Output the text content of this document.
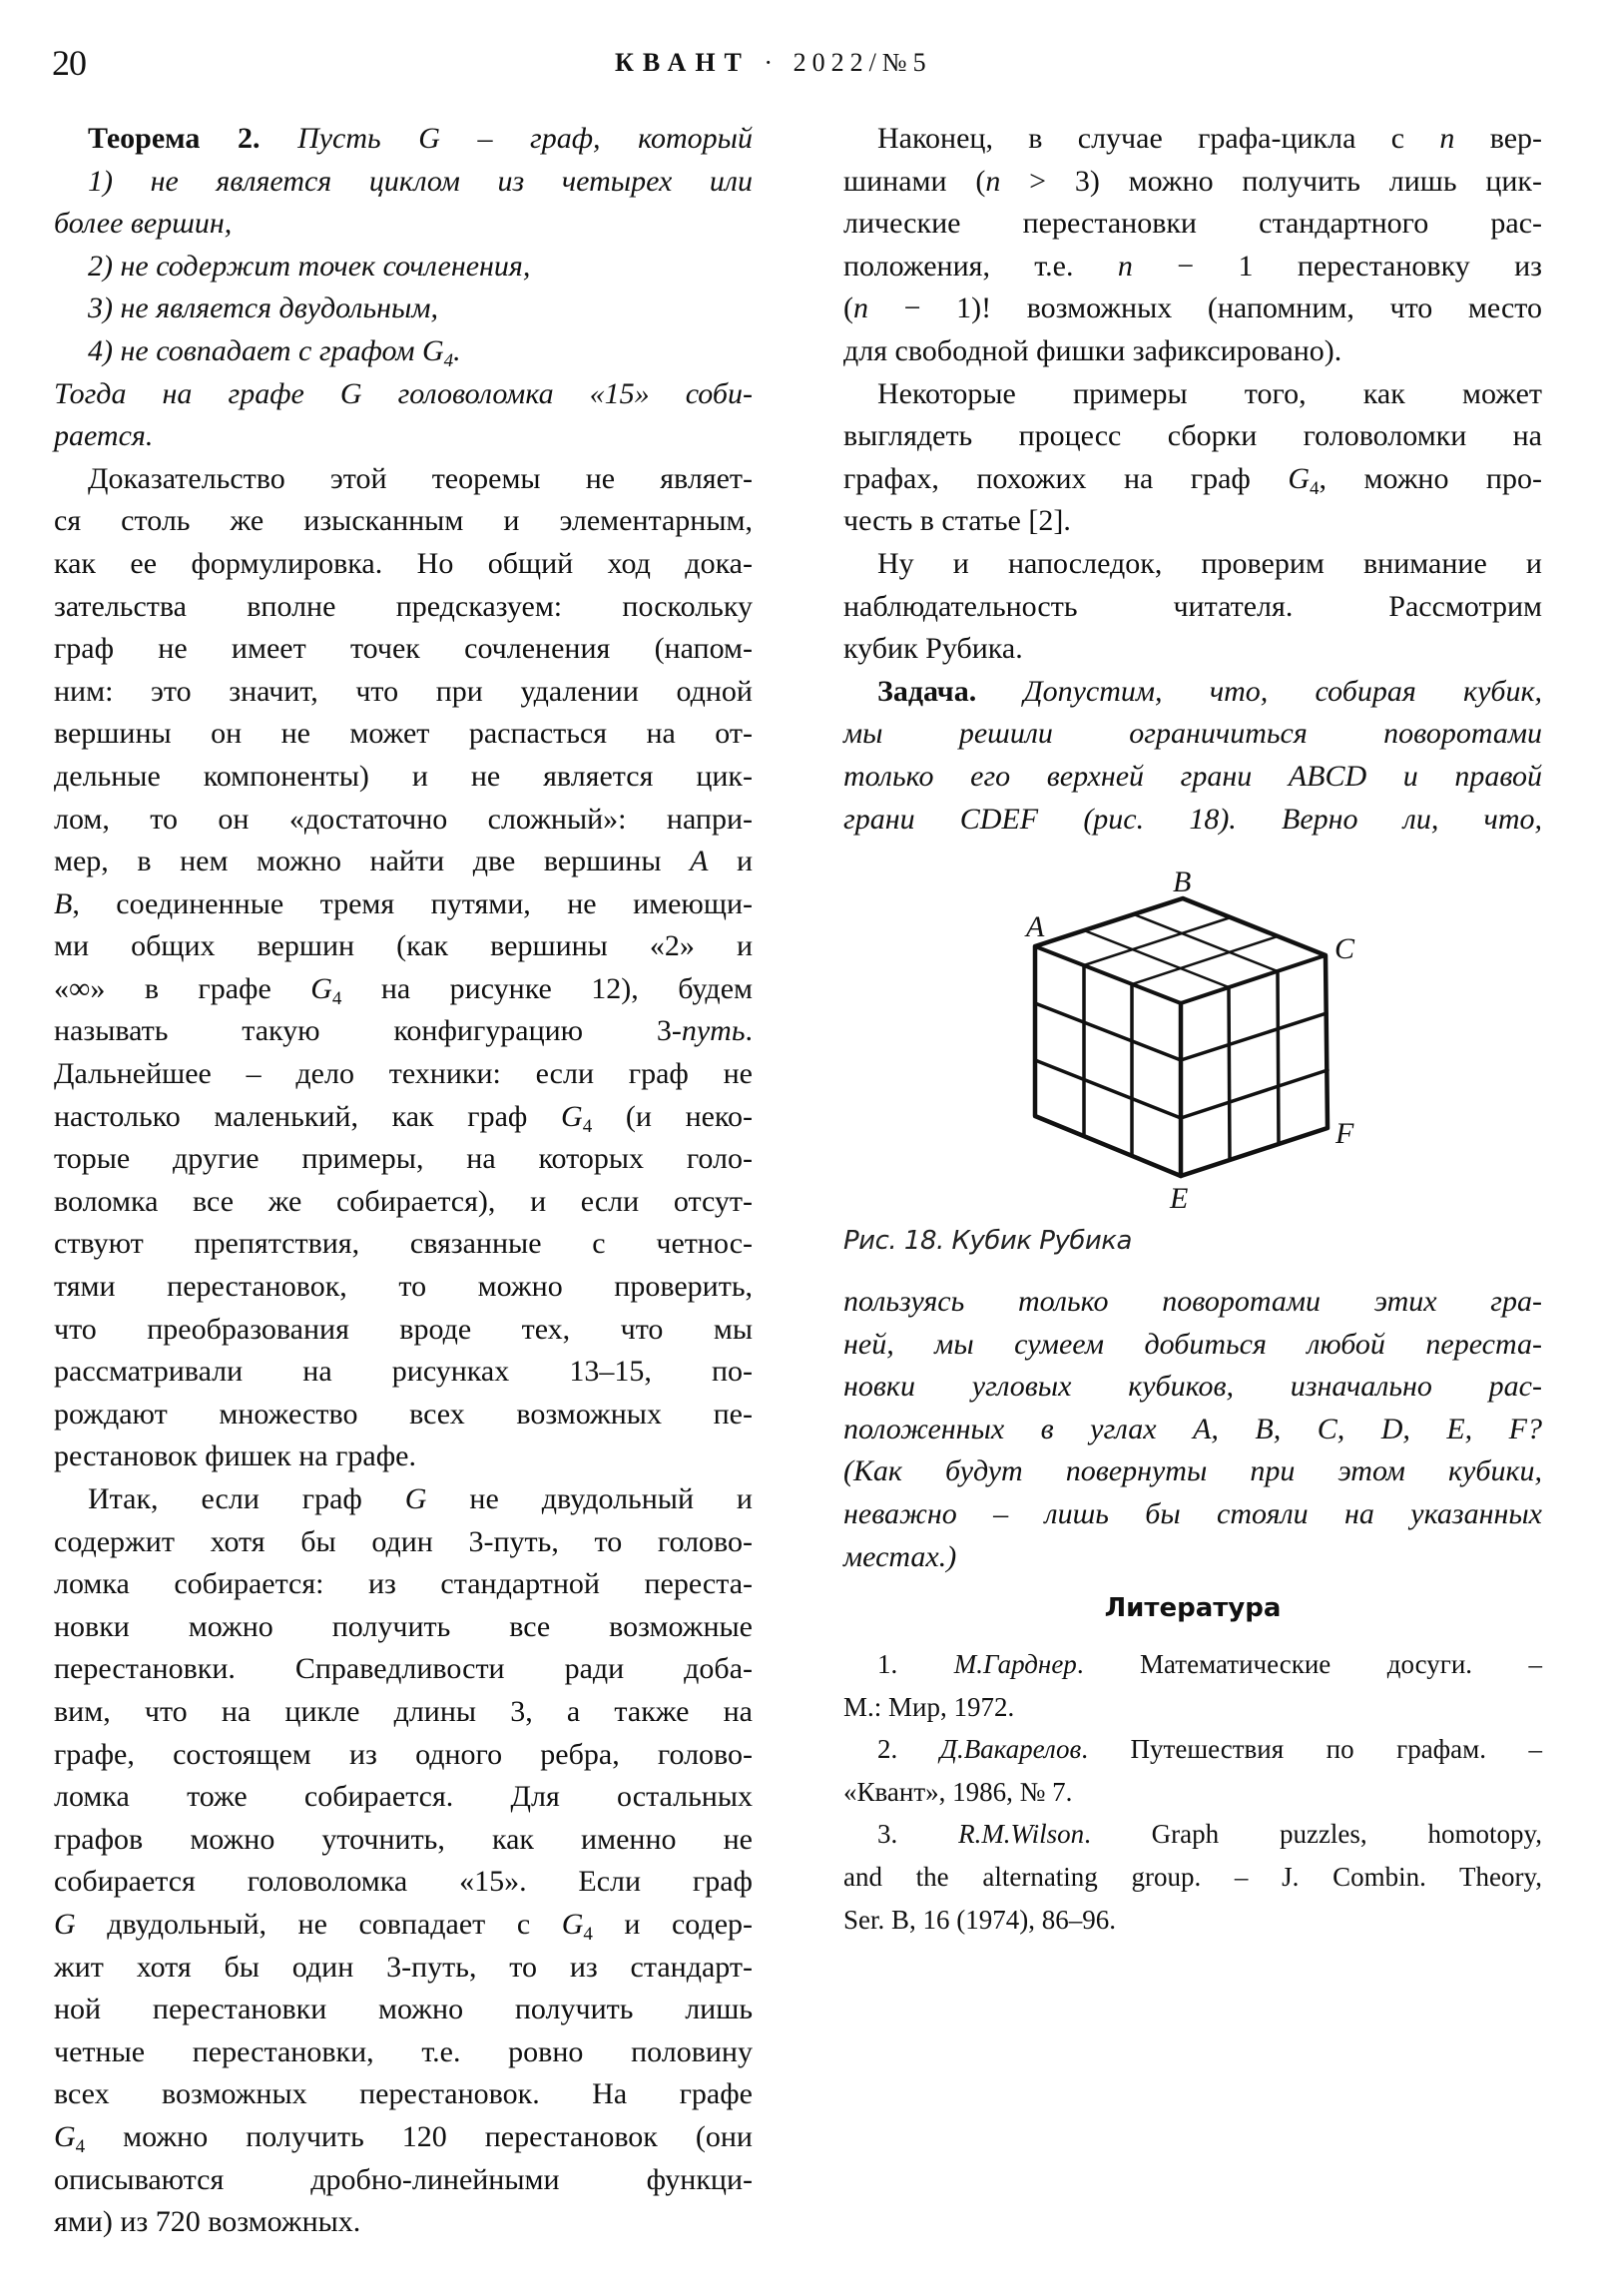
20	КВАНТ · 2022/№5
Теорема 2. Пусть G – граф, который
1) не является циклом из четырех или
более вершин,
2) не содержит точек сочленения,
3) не является двудольным,
4) не совпадает с графом $G_4$.
Тогда на графе G головоломка «15» соби-
рается.
Доказательство этой теоремы не являет-
ся столь же изысканным и элементарным,
как ее формулировка. Но общий ход дока-
зательства вполне предсказуем: поскольку
граф не имеет точек сочленения (напом-
ним: это значит, что при удалении одной
вершины он не может распасться на от-
дельные компоненты) и не является цик-
лом, то он «достаточно сложный»: напри-
мер, в нем можно найти две вершины A и
B, соединенные тремя путями, не имеющи-
ми общих вершин (как вершины «2» и
«∞» в графе $G_4$ на рисунке 12), будем
называть такую конфигурацию 3-путь.
Дальнейшее – дело техники: если граф не
настолько маленький, как граф $G_4$ (и неко-
торые другие примеры, на которых голо-
воломка все же собирается), и если отсут-
ствуют препятствия, связанные с четнос-
тями перестановок, то можно проверить,
что преобразования вроде тех, что мы
рассматривали на рисунках 13–15, по-
рождают множество всех возможных пе-
рестановок фишек на графе.
Итак, если граф G не двудольный и
содержит хотя бы один 3-путь, то голово-
ломка собирается: из стандартной переста-
новки можно получить все возможные
перестановки. Справедливости ради доба-
вим, что на цикле длины 3, а также на
графе, состоящем из одного ребра, голово-
ломка тоже собирается. Для остальных
графов можно уточнить, как именно не
собирается головоломка «15». Если граф
G двудольный, не совпадает с $G_4$ и содер-
жит хотя бы один 3-путь, то из стандарт-
ной перестановки можно получить лишь
четные перестановки, т.е. ровно половину
всех возможных перестановок. На графе
$G_4$ можно получить 120 перестановок (они
описываются дробно-линейными функци-
ями) из 720 возможных.
Наконец, в случае графа-цикла с n вер-
шинами (n > 3) можно получить лишь цик-
лические перестановки стандартного рас-
положения, т.е. n − 1 перестановку из
(n − 1)! возможных (напомним, что место
для свободной фишки зафиксировано).
Некоторые примеры того, как может
выглядеть процесс сборки головоломки на
графах, похожих на граф $G_4$, можно про-
честь в статье [2].
Ну и напоследок, проверим внимание и
наблюдательность читателя. Рассмотрим
кубик Рубика.
Задача. Допустим, что, собирая кубик,
мы решили ограничиться поворотами
только его верхней грани ABCD и правой
грани CDEF (рис. 18). Верно ли, что,
A
B
C
E
F
Рис. 18. Кубик Рубика
пользуясь только поворотами этих гра-
ней, мы сумеем добиться любой переста-
новки угловых кубиков, изначально рас-
положенных в углах A, B, C, D, E, F?
(Как будут повернуты при этом кубики,
неважно – лишь бы стояли на указанных
местах.)
Литература
1. М.Гарднер. Математические досуги. –
М.: Мир, 1972.
2. Д.Вакарелов. Путешествия по графам. –
«Квант», 1986, № 7.
3. R.M.Wilson. Graph puzzles, homotopy,
and the alternating group. – J. Combin. Theory,
Ser. B, 16 (1974), 86–96.
